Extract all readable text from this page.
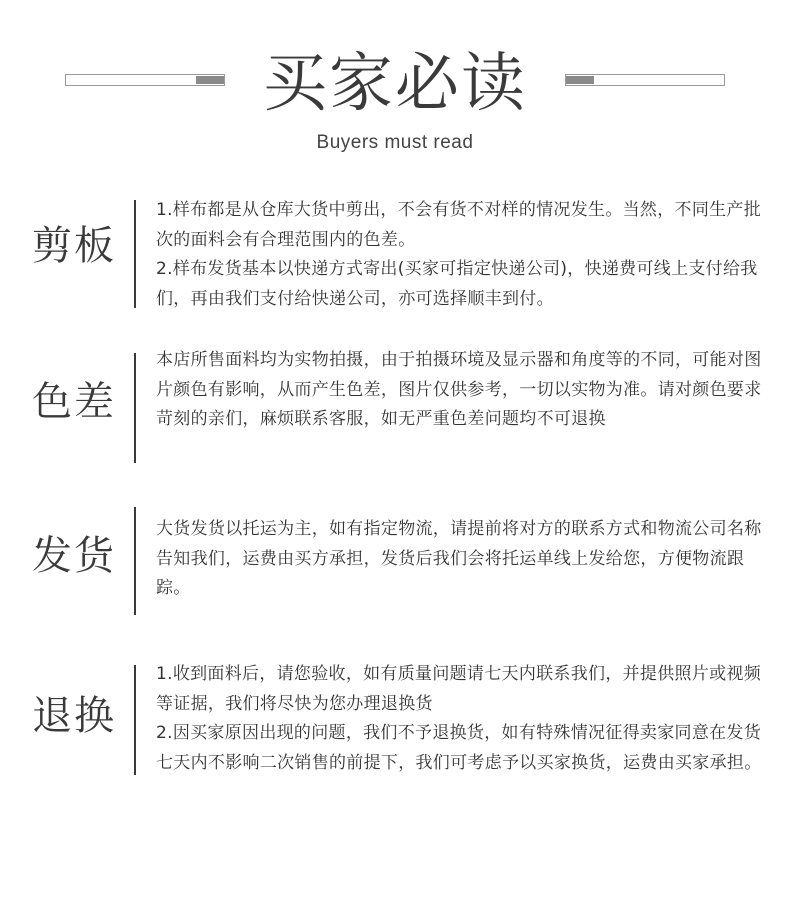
买家必读
Buyers must read
剪板

1.样布都是从仓库大货中剪出，不会有货不对样的情况发生。当然，不同生产批次的面料会有合理范围内的色差。

2.样布发货基本以快递方式寄出(买家可指定快递公司)，快递费可线上支付给我们，再由我们支付给快递公司，亦可选择顺丰到付。

色差

本店所售面料均为实物拍摄，由于拍摄环境及显示器和角度等的不同，可能对图片颜色有影响，从而产生色差，图片仅供参考，一切以实物为准。请对颜色要求苛刻的亲们，麻烦联系客服，如无严重色差问题均不可退换

发货

大货发货以托运为主，如有指定物流，请提前将对方的联系方式和物流公司名称告知我们，运费由买方承担，发货后我们会将托运单线上发给您，方便物流跟踪。

退换

1.收到面料后，请您验收，如有质量问题请七天内联系我们，并提供照片或视频等证据，我们将尽快为您办理退换货

2.因买家原因出现的问题，我们不予退换货，如有特殊情况征得卖家同意在发货七天内不影响二次销售的前提下，我们可考虑予以买家换货，运费由买家承担。
